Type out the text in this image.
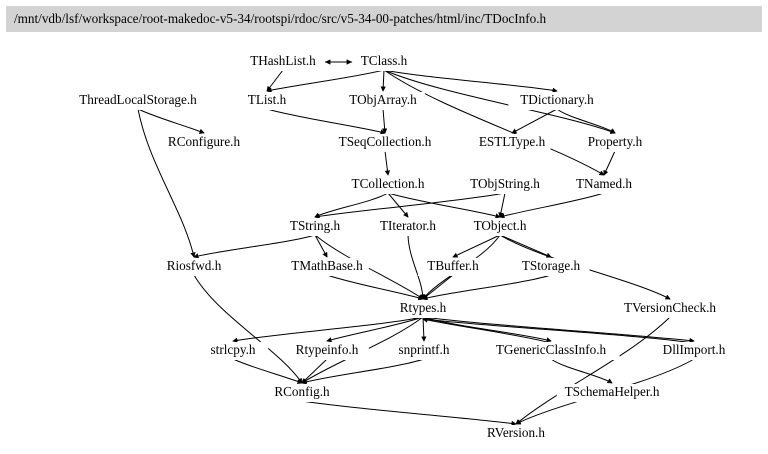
/mnt/vdb/lsf/workspace/root-makedoc-v5-34/rootspi/rdoc/src/v5-34-00-patches/html/inc/TDocInfo.h
THashList.h	TClass.h
ThreadLocalStorage.h	TList.h	TObjArray.h	TDictionary.h
RConfigure.h	TSeqCollection.h	ESTLType.h	Property.h
TCollection.h	TObjString.h	TNamed.h
TString.h	TIterator.h	TObject.h
Riosfwd.h	TMathBase.h	TBuffer.h	TStorage.h
Rtypes.h	TVersionCheck.h
strlcpy.h	Rtypeinfo.h	snprintf.h	TGenericClassInfo.h	DllImport.h
RConfig.h	TSchemaHelper.h
RVersion.h
